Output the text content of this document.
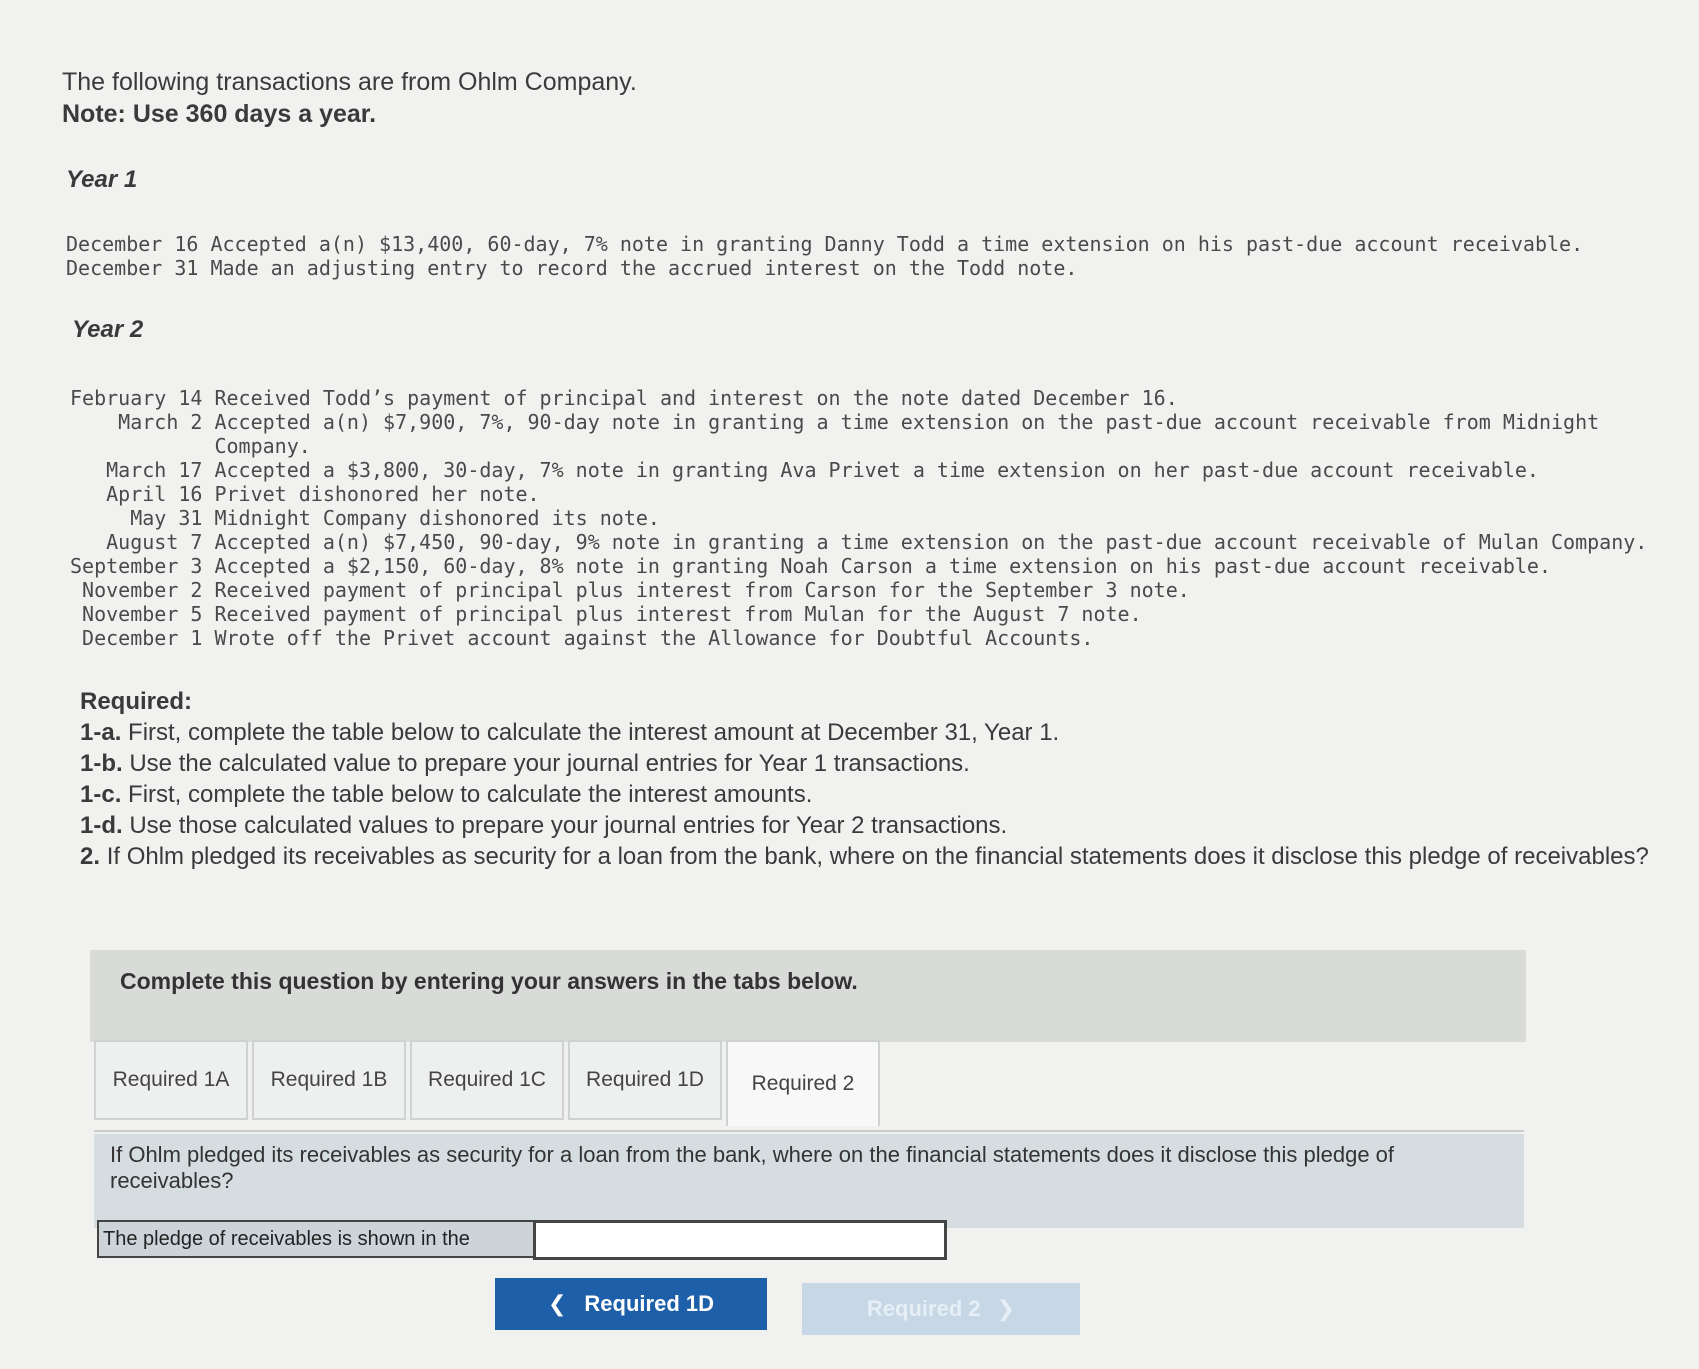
The following transactions are from Ohlm Company.
Note: Use 360 days a year.
Year 1
December 16	Accepted a(n) $13,400, 60-day, 7% note in granting Danny Todd a time extension on his past-due account receivable.
December 31	Made an adjusting entry to record the accrued interest on the Todd note.
Year 2
February 14	Received Todd’s payment of principal and interest on the note dated December 16.
March 2	Accepted a(n) $7,900, 7%, 90-day note in granting a time extension on the past-due account receivable from Midnight Company.
March 17	Accepted a $3,800, 30-day, 7% note in granting Ava Privet a time extension on her past-due account receivable.
April 16	Privet dishonored her note.
May 31	Midnight Company dishonored its note.
August 7	Accepted a(n) $7,450, 90-day, 9% note in granting a time extension on the past-due account receivable of Mulan Company.
September 3	Accepted a $2,150, 60-day, 8% note in granting Noah Carson a time extension on his past-due account receivable.
November 2	Received payment of principal plus interest from Carson for the September 3 note.
November 5	Received payment of principal plus interest from Mulan for the August 7 note.
December 1	Wrote off the Privet account against the Allowance for Doubtful Accounts.
Required:
1-a. First, complete the table below to calculate the interest amount at December 31, Year 1.
1-b. Use the calculated value to prepare your journal entries for Year 1 transactions.
1-c. First, complete the table below to calculate the interest amounts.
1-d. Use those calculated values to prepare your journal entries for Year 2 transactions.
2. If Ohlm pledged its receivables as security for a loan from the bank, where on the financial statements does it disclose this pledge of receivables?
Complete this question by entering your answers in the tabs below.
Required 1A	Required 1B	Required 1C	Required 1D	Required 2
If Ohlm pledged its receivables as security for a loan from the bank, where on the financial statements does it disclose this pledge of receivables?
The pledge of receivables is shown in the
❮ Required 1D	Required 2 ❯
